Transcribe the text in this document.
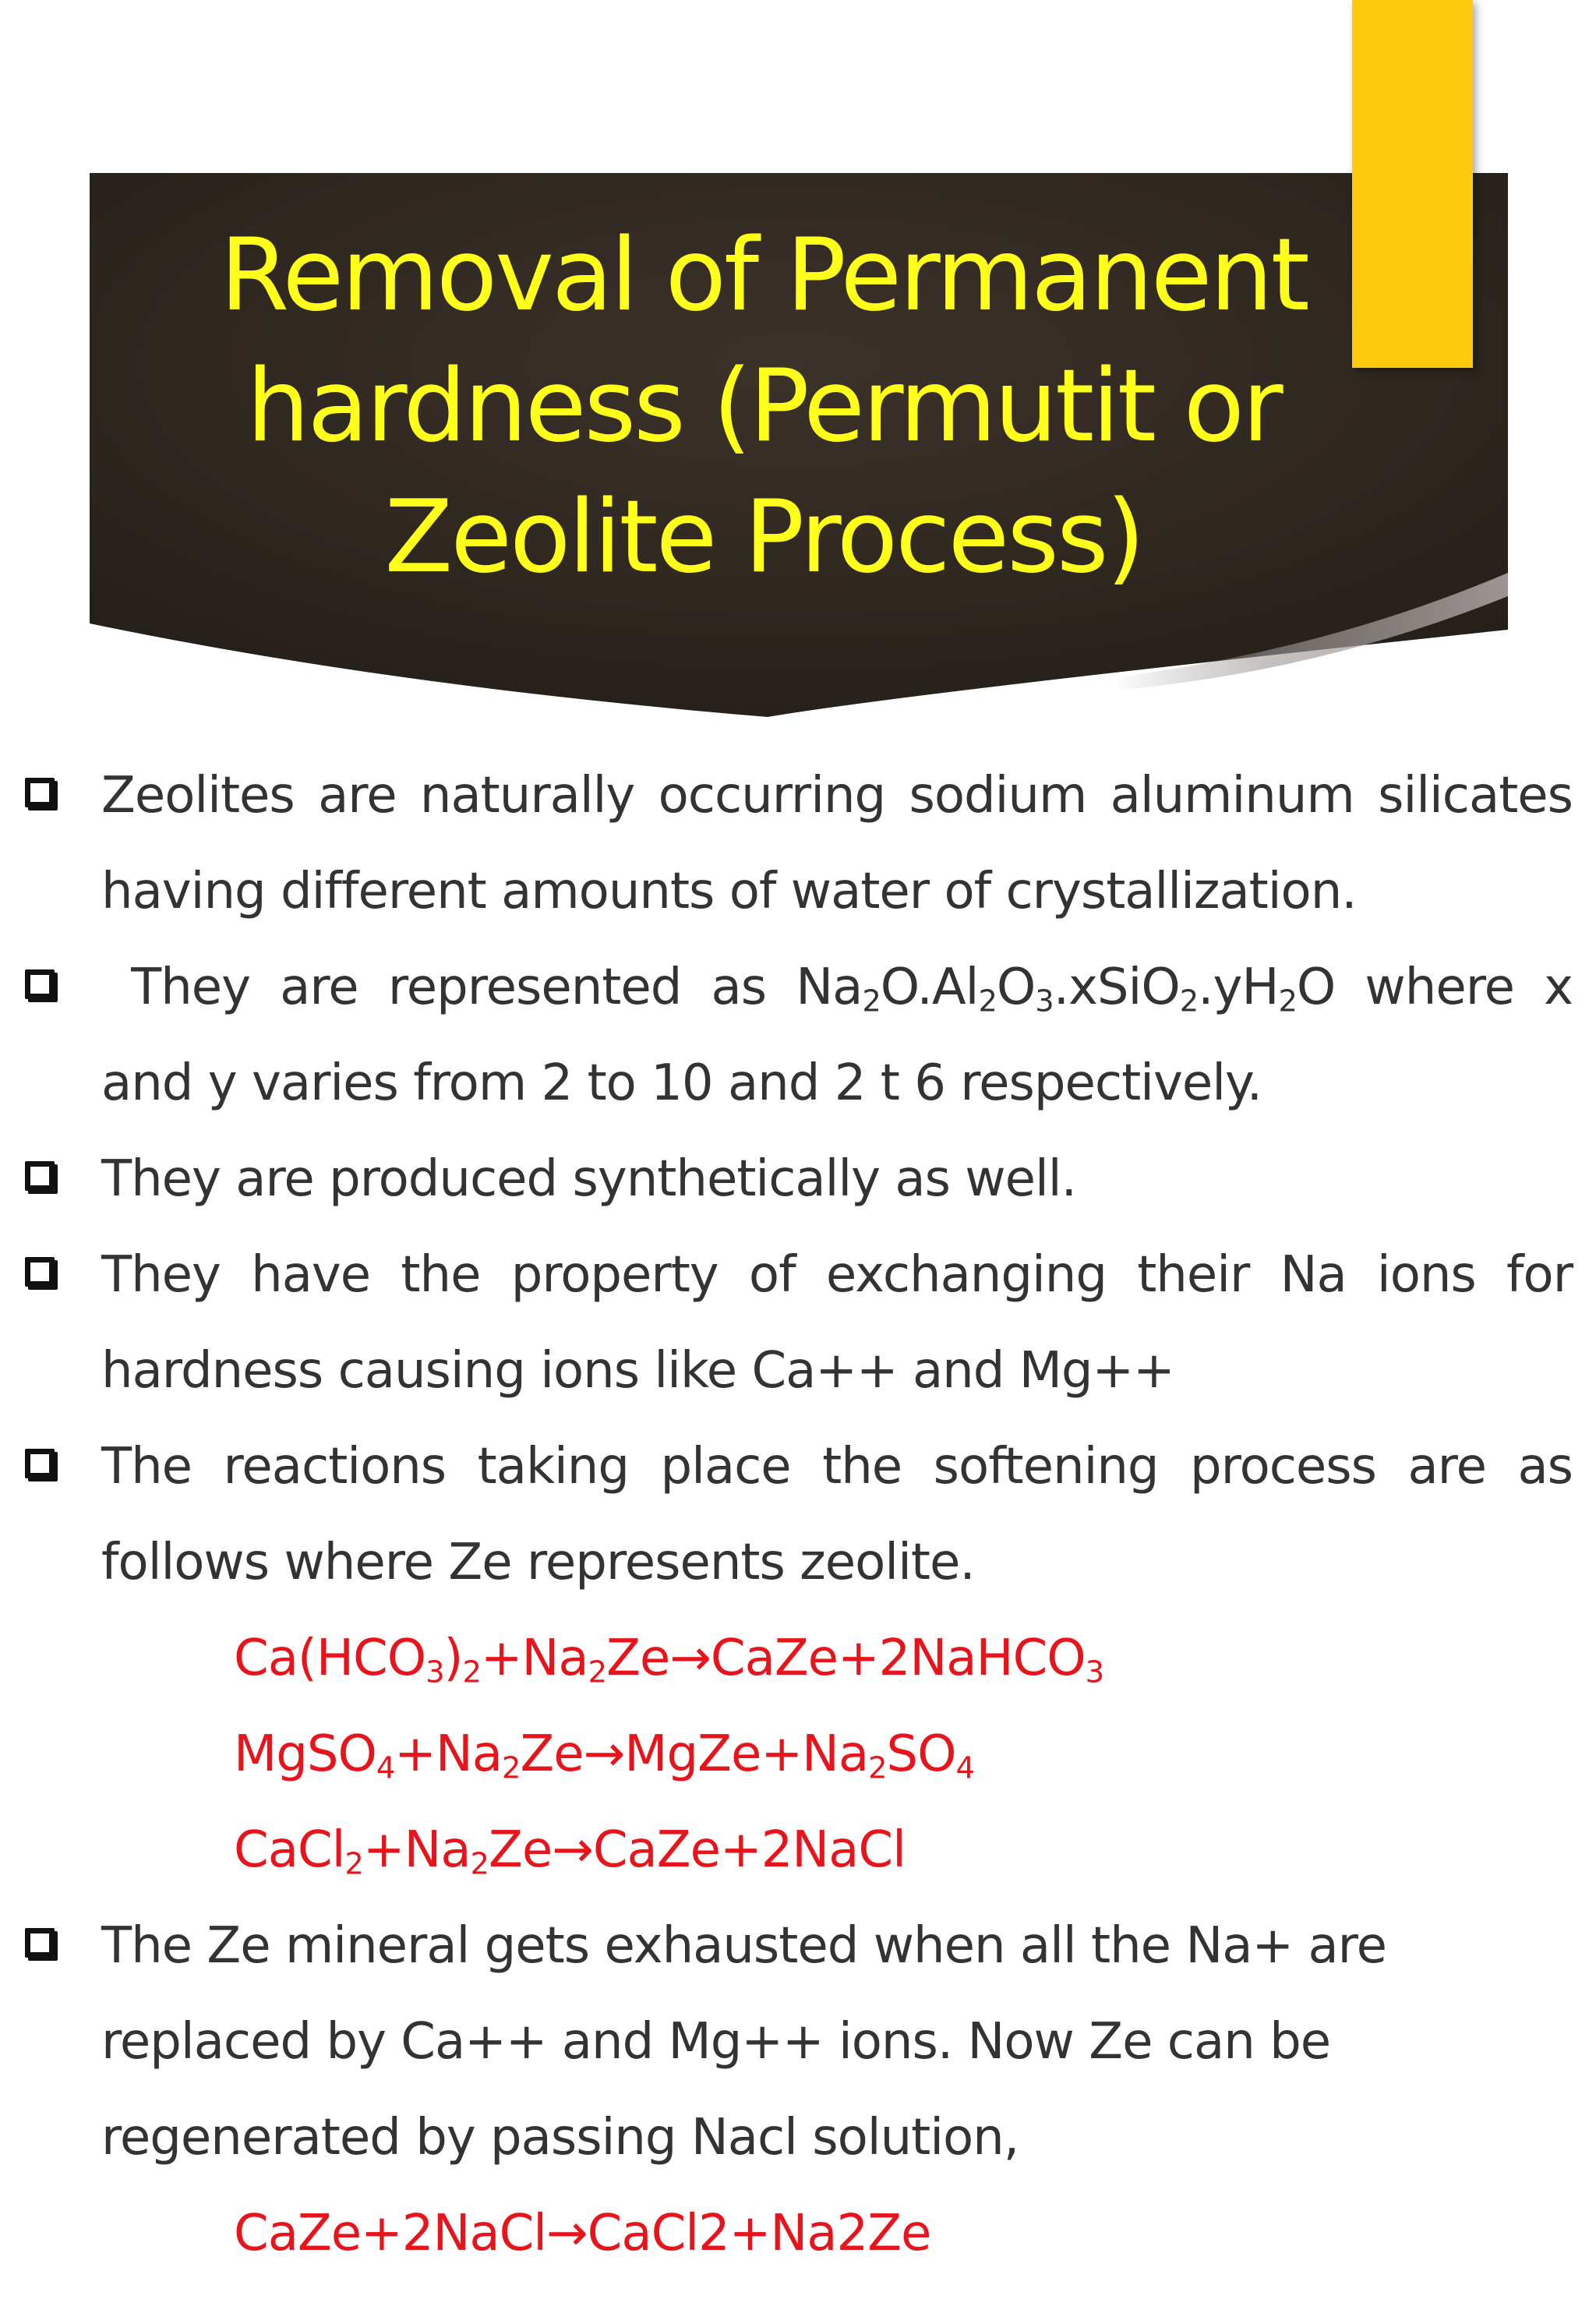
Removal of Permanent
hardness (Permutit or
Zeolite Process)
Zeolites are naturally occurring sodium aluminum silicates having different amounts of water of crystallization.
They are represented as $Na_2O.Al_2O_3.xSiO_2.yH_2O$ where x and y varies from 2 to 10 and 2 t 6 respectively.
They are produced synthetically as well.
They have the property of exchanging their Na ions for hardness causing ions like Ca++ and Mg++
The reactions taking place the softening process are as follows where Ze represents zeolite.
$Ca(HCO_3)_2+Na_2Ze\to CaZe+2NaHCO_3$
$MgSO_4+Na_2Ze\to MgZe+Na_2SO_4$
$CaCl_2+Na_2Ze\to CaZe+2NaCl$
The Ze mineral gets exhausted when all the Na+ are
replaced by Ca++ and Mg++ ions. Now Ze can be
regenerated by passing Nacl solution,
CaZe+2NaCl→CaCl2+Na2Ze
